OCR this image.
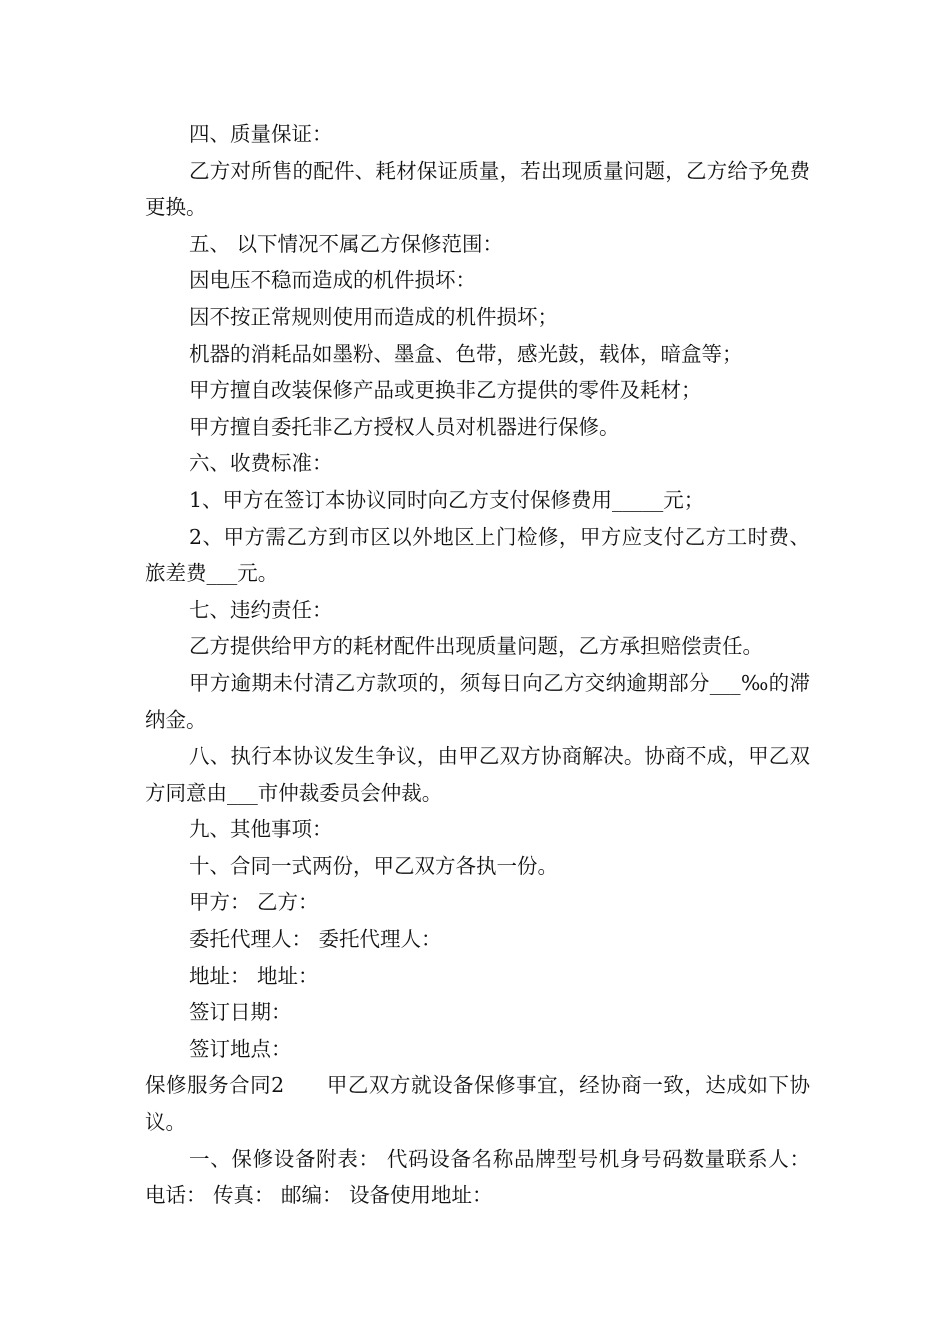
四、质量保证：

乙方对所售的配件、耗材保证质量，若出现质量问题，乙方给予免费更换。

五、 以下情况不属乙方保修范围：

因电压不稳而造成的机件损坏：

因不按正常规则使用而造成的机件损坏；

机器的消耗品如墨粉、墨盒、色带，感光鼓，载体，暗盒等；

甲方擅自改装保修产品或更换非乙方提供的零件及耗材；

甲方擅自委托非乙方授权人员对机器进行保修。

六、收费标准：

1、甲方在签订本协议同时向乙方支付保修费用_____元；

2、甲方需乙方到市区以外地区上门检修，甲方应支付乙方工时费、旅差费___元。

七、违约责任：

乙方提供给甲方的耗材配件出现质量问题，乙方承担赔偿责任。

甲方逾期未付清乙方款项的，须每日向乙方交纳逾期部分___‰的滞纳金。

八、执行本协议发生争议，由甲乙双方协商解决。协商不成，甲乙双方同意由___市仲裁委员会仲裁。

九、其他事项：

十、合同一式两份，甲乙双方各执一份。

甲方： 乙方：

委托代理人： 委托代理人：

地址： 地址：

签订日期：

签订地点：

保修服务合同2　　甲乙双方就设备保修事宜，经协商一致，达成如下协议。

一、保修设备附表： 代码设备名称品牌型号机身号码数量联系人： 电话： 传真： 邮编： 设备使用地址：
